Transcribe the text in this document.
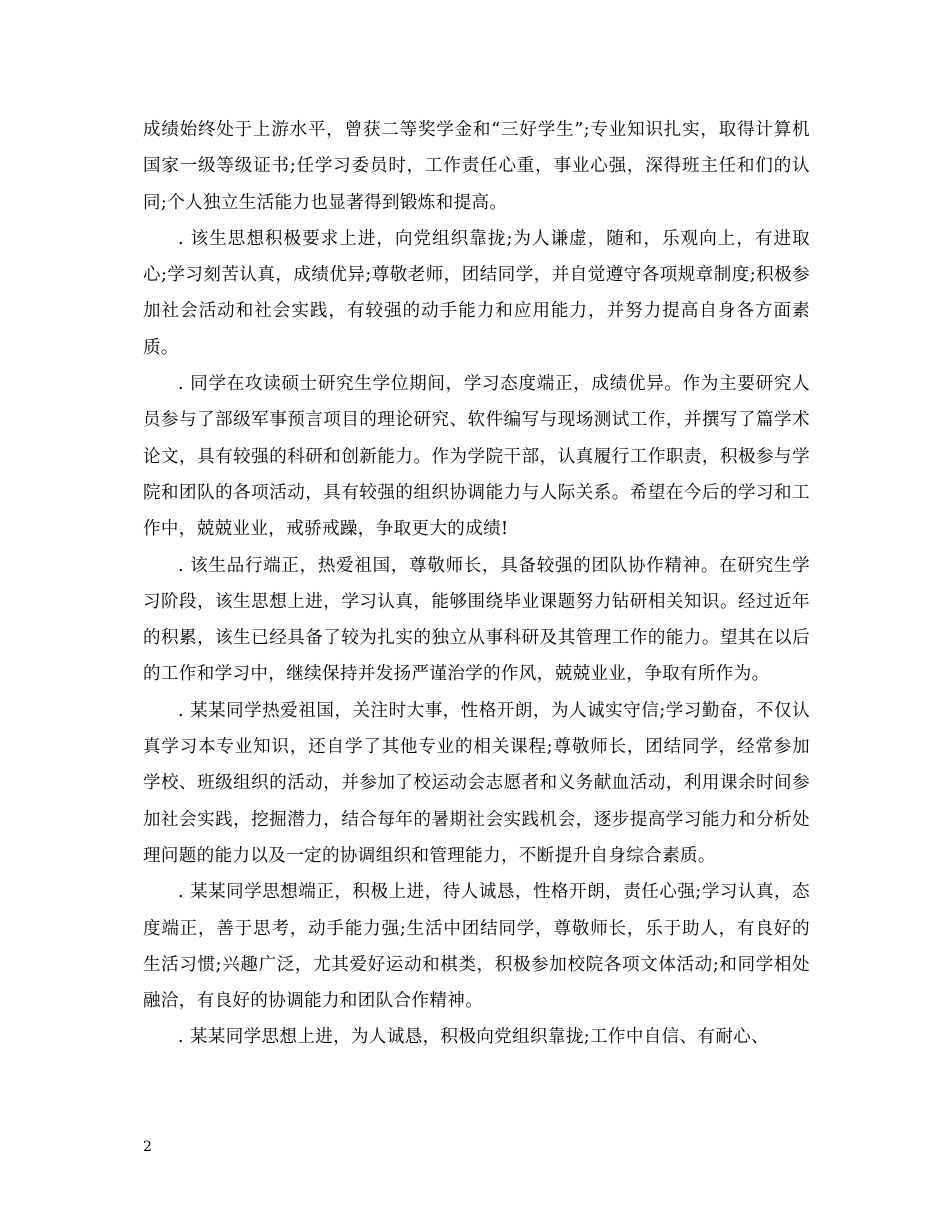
成绩始终处于上游水平，曾获二等奖学金和“三好学生”;专业知识扎实，取得计算机国家一级等级证书;任学习委员时，工作责任心重，事业心强，深得班主任和们的认同;个人独立生活能力也显著得到锻炼和提高。

. 该生思想积极要求上进，向党组织靠拢;为人谦虚，随和，乐观向上，有进取心;学习刻苦认真，成绩优异;尊敬老师，团结同学，并自觉遵守各项规章制度;积极参加社会活动和社会实践，有较强的动手能力和应用能力，并努力提高自身各方面素质。

. 同学在攻读硕士研究生学位期间，学习态度端正，成绩优异。作为主要研究人员参与了部级军事预言项目的理论研究、软件编写与现场测试工作，并撰写了篇学术论文，具有较强的科研和创新能力。作为学院干部，认真履行工作职责，积极参与学院和团队的各项活动，具有较强的组织协调能力与人际关系。希望在今后的学习和工作中，兢兢业业，戒骄戒躁，争取更大的成绩!

. 该生品行端正，热爱祖国，尊敬师长，具备较强的团队协作精神。在研究生学习阶段，该生思想上进，学习认真，能够围绕毕业课题努力钻研相关知识。经过近年的积累，该生已经具备了较为扎实的独立从事科研及其管理工作的能力。望其在以后的工作和学习中，继续保持并发扬严谨治学的作风，兢兢业业，争取有所作为。

. 某某同学热爱祖国，关注时大事，性格开朗，为人诚实守信;学习勤奋，不仅认真学习本专业知识，还自学了其他专业的相关课程;尊敬师长，团结同学，经常参加学校、班级组织的活动，并参加了校运动会志愿者和义务献血活动，利用课余时间参加社会实践，挖掘潜力，结合每年的暑期社会实践机会，逐步提高学习能力和分析处理问题的能力以及一定的协调组织和管理能力，不断提升自身综合素质。

. 某某同学思想端正，积极上进，待人诚恳，性格开朗，责任心强;学习认真，态度端正，善于思考，动手能力强;生活中团结同学，尊敬师长，乐于助人，有良好的生活习惯;兴趣广泛，尤其爱好运动和棋类，积极参加校院各项文体活动;和同学相处融洽，有良好的协调能力和团队合作精神。

. 某某同学思想上进，为人诚恳，积极向党组织靠拢;工作中自信、有耐心、

2
